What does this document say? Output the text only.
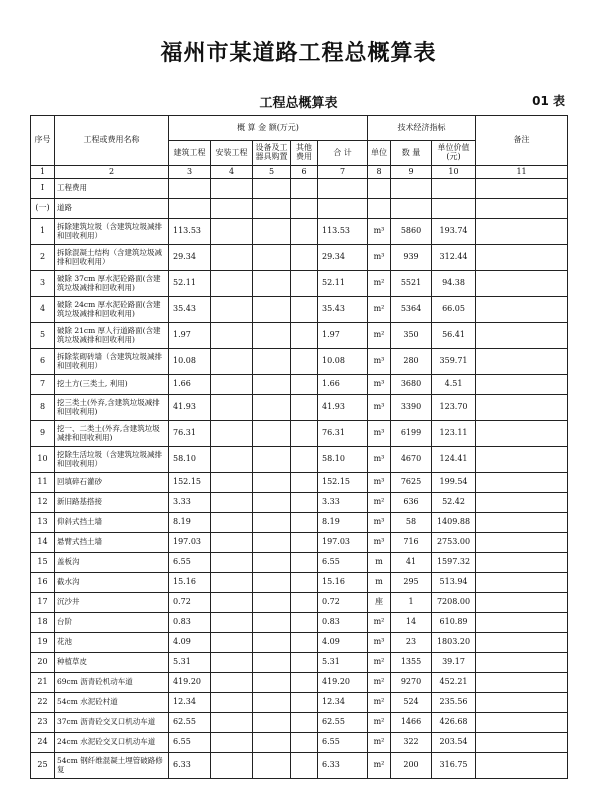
福州市某道路工程总概算表
工程总概算表	01 表
序号	工程或费用名称	概 算 金 额(万元)					技术经济指标			备注
		建筑工程	安装工程	设备及工器具购置	其他费用	合 计	单位	数 量	单位价值(元)	
1	2	3	4	5	6	7	8	9	10	11
Ⅰ	工程费用									
(一)	道路									
1	拆除建筑垃圾（含建筑垃圾减排和回收利用）	113.53				113.53	m³	5860	193.74	
2	拆除混凝土结构（含建筑垃圾减排和回收利用）	29.34				29.34	m³	939	312.44	
3	破除 37cm 厚水泥砼路面(含建筑垃圾减排和回收利用)	52.11				52.11	m²	5521	94.38	
4	破除 24cm 厚水泥砼路面(含建筑垃圾减排和回收利用)	35.43				35.43	m²	5364	66.05	
5	破除 21cm 厚人行道路面(含建筑垃圾减排和回收利用)	1.97				1.97	m²	350	56.41	
6	拆除浆砌砖墙（含建筑垃圾减排和回收利用）	10.08				10.08	m³	280	359.71	
7	挖土方(三类土, 利用)	1.66				1.66	m³	3680	4.51	
8	挖三类土(外弃,含建筑垃圾减排和回收利用)	41.93				41.93	m³	3390	123.70	
9	挖一、二类土(外弃,含建筑垃圾减排和回收利用)	76.31				76.31	m³	6199	123.11	
10	挖除生活垃圾（含建筑垃圾减排和回收利用）	58.10				58.10	m³	4670	124.41	
11	回填碎石灌砂	152.15				152.15	m³	7625	199.54	
12	新旧路基搭接	3.33				3.33	m²	636	52.42	
13	仰斜式挡土墙	8.19				8.19	m³	58	1409.88	
14	悬臂式挡土墙	197.03				197.03	m³	716	2753.00	
15	盖板沟	6.55				6.55	m	41	1597.32	
16	截水沟	15.16				15.16	m	295	513.94	
17	沉沙井	0.72				0.72	座	1	7208.00	
18	台阶	0.83				0.83	m²	14	610.89	
19	花池	4.09				4.09	m³	23	1803.20	
20	种植草皮	5.31				5.31	m²	1355	39.17	
21	69cm 沥青砼机动车道	419.20				419.20	m²	9270	452.21	
22	54cm 水泥砼村道	12.34				12.34	m²	524	235.56	
23	37cm 沥青砼交叉口机动车道	62.55				62.55	m²	1466	426.68	
24	24cm 水泥砼交叉口机动车道	6.55				6.55	m²	322	203.54	
25	54cm 钢纤维混凝土埋管破路修复	6.33				6.33	m²	200	316.75	
